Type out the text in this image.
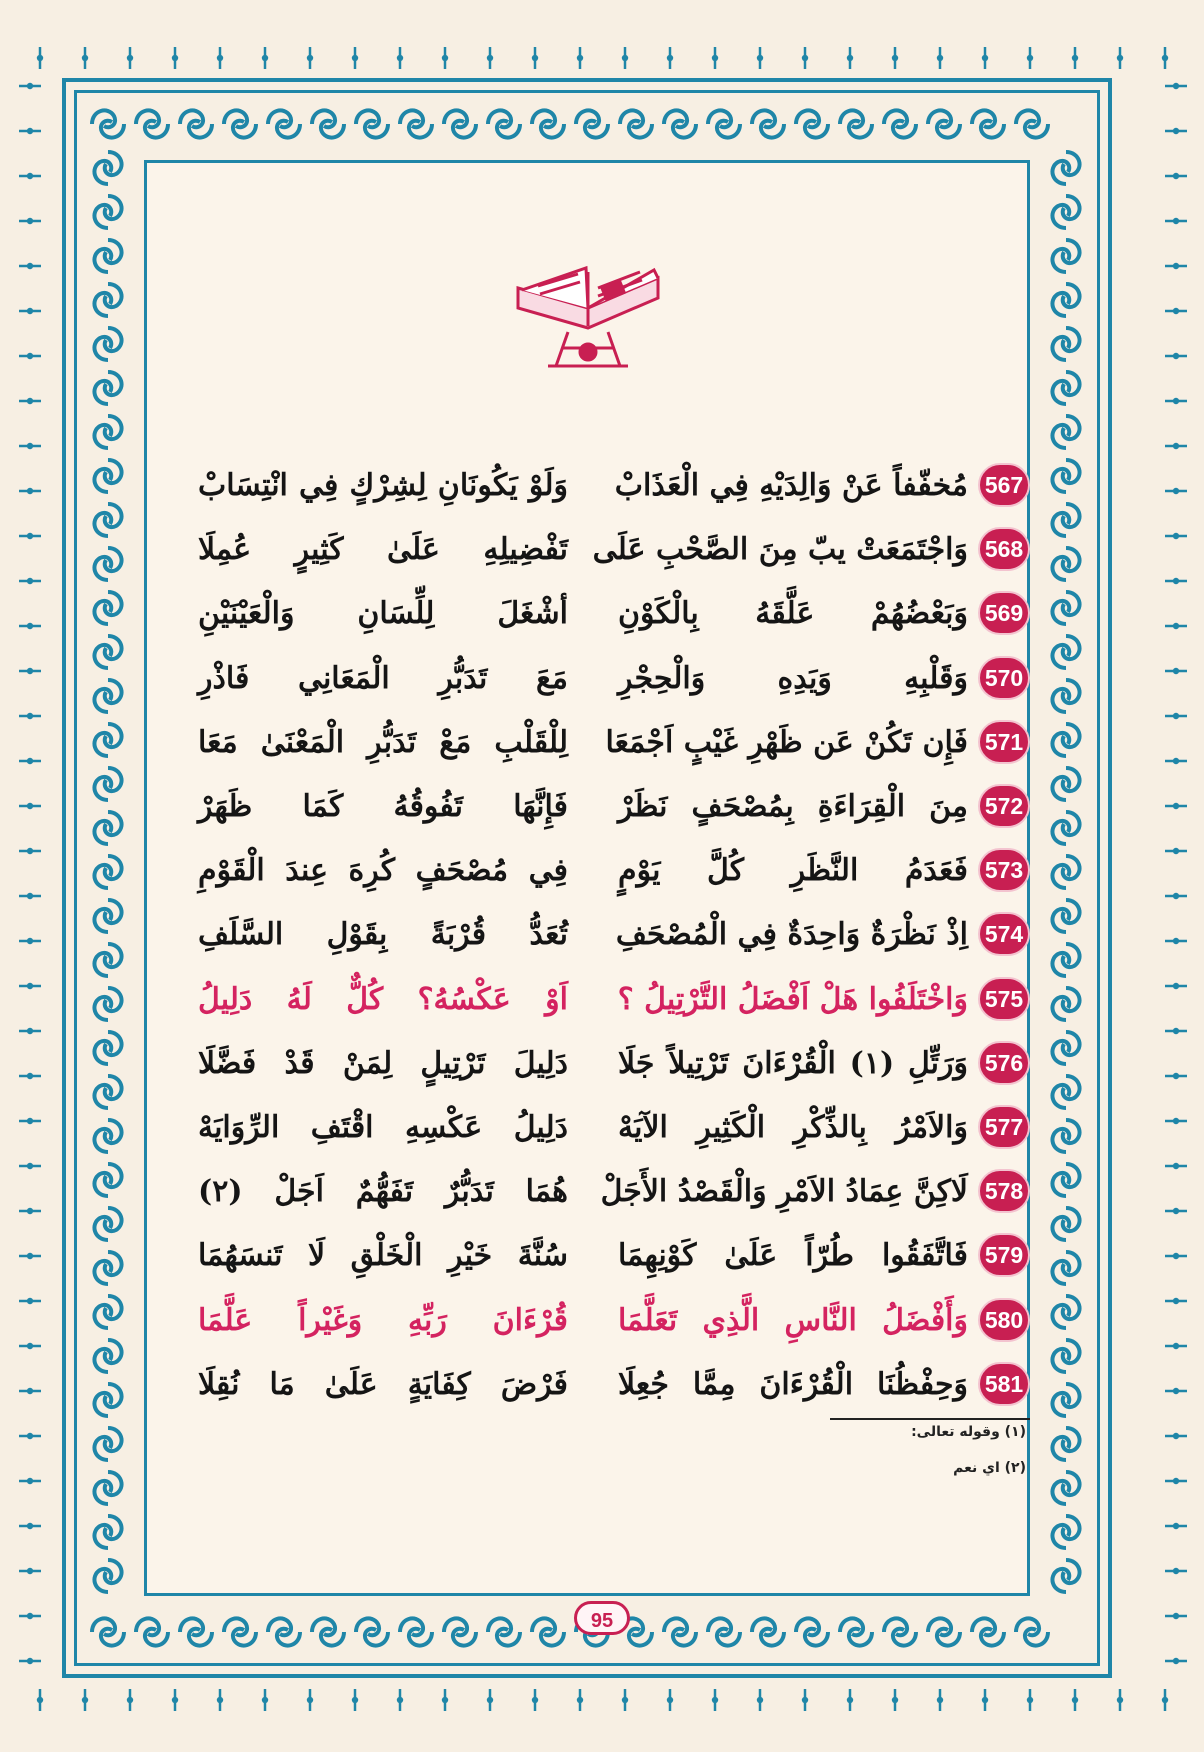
567
مُخفّفاً عَنْ وَالِدَيْهِ فِي الْعَذَابْ
وَلَوْ يَكُونَانِ لِشِرْكٍ فِي انْتِسَابْ
568
وَاجْتَمَعَتْ يبّ مِنَ الصَّحْبِ عَلَى
تَفْضِيلِهِ عَلَىٰ كَثِيرٍ عُمِلَا
569
وَبَعْضُهُمْ عَلَّقَهُ بِالْكَوْنِ
أشْغَلَ لِلِّسَانِ وَالْعَيْنَيْنِ
570
وَقَلْبِهِ وَيَدِهِ وَالْحِجْرِ
مَعَ تَدَبُّرِ الْمَعَانِي فَاذْرِ
571
فَإِن تَكُنْ عَن ظَهْرِ غَيْبٍ اَجْمَعَا
لِلْقَلْبِ مَعْ تَدَبُّرِ الْمَعْنَىٰ مَعَا
572
مِنَ الْقِرَاءَةِ بِمُصْحَفٍ نَظَرْ
فَإِنَّهَا تَفُوقُهُ كَمَا ظَهَرْ
573
فَعَدَمُ النَّظَرِ كُلَّ يَوْمٍ
فِي مُصْحَفٍ كُرِهَ عِندَ الْقَوْمِ
574
اِذْ نَظْرَةٌ وَاحِدَةٌ فِي الْمُصْحَفِ
تُعَدُّ قُرْبَةً بِقَوْلِ السَّلَفِ
575
وَاخْتَلَفُوا هَلْ اَفْضَلُ التَّرْتِيلُ ؟
اَوْ عَكْسُهُ؟ كُلٌّ لَهُ دَلِيلُ
576
وَرَتِّلِ (١) الْقُرْءَانَ تَرْتِيلاً جَلَا
دَلِيلَ تَرْتِيلٍ لِمَنْ قَدْ فَضَّلَا
577
وَالاَمْرُ بِالذِّكْرِ الْكَثِيرِ الآيَهْ
دَلِيلُ عَكْسِهِ اقْتَفِ الرِّوَايَهْ
578
لَاكِنَّ عِمَادُ الاَمْرِ وَالْقَصْدُ الأَجَلْ
هُمَا تَدَبُّرٌ تَفَهُّمٌ اَجَلْ (٢)
579
فَاتَّفَقُوا طُرّاً عَلَىٰ كَوْنِهِمَا
سُنَّةَ خَيْرِ الْخَلْقِ لَا تَنسَهُمَا
580
وَأَفْضَلُ النَّاسِ الَّذِي تَعَلَّمَا
قُرْءَانَ رَبِّهِ وَغَيْراً عَلَّمَا
581
وَحِفْظُنَا الْقُرْءَانَ مِمَّا جُعِلَا
فَرْضَ كِفَايَةٍ عَلَىٰ مَا نُقِلَا
(١) وقوله تعالى:
(٢) اي نعم
95
